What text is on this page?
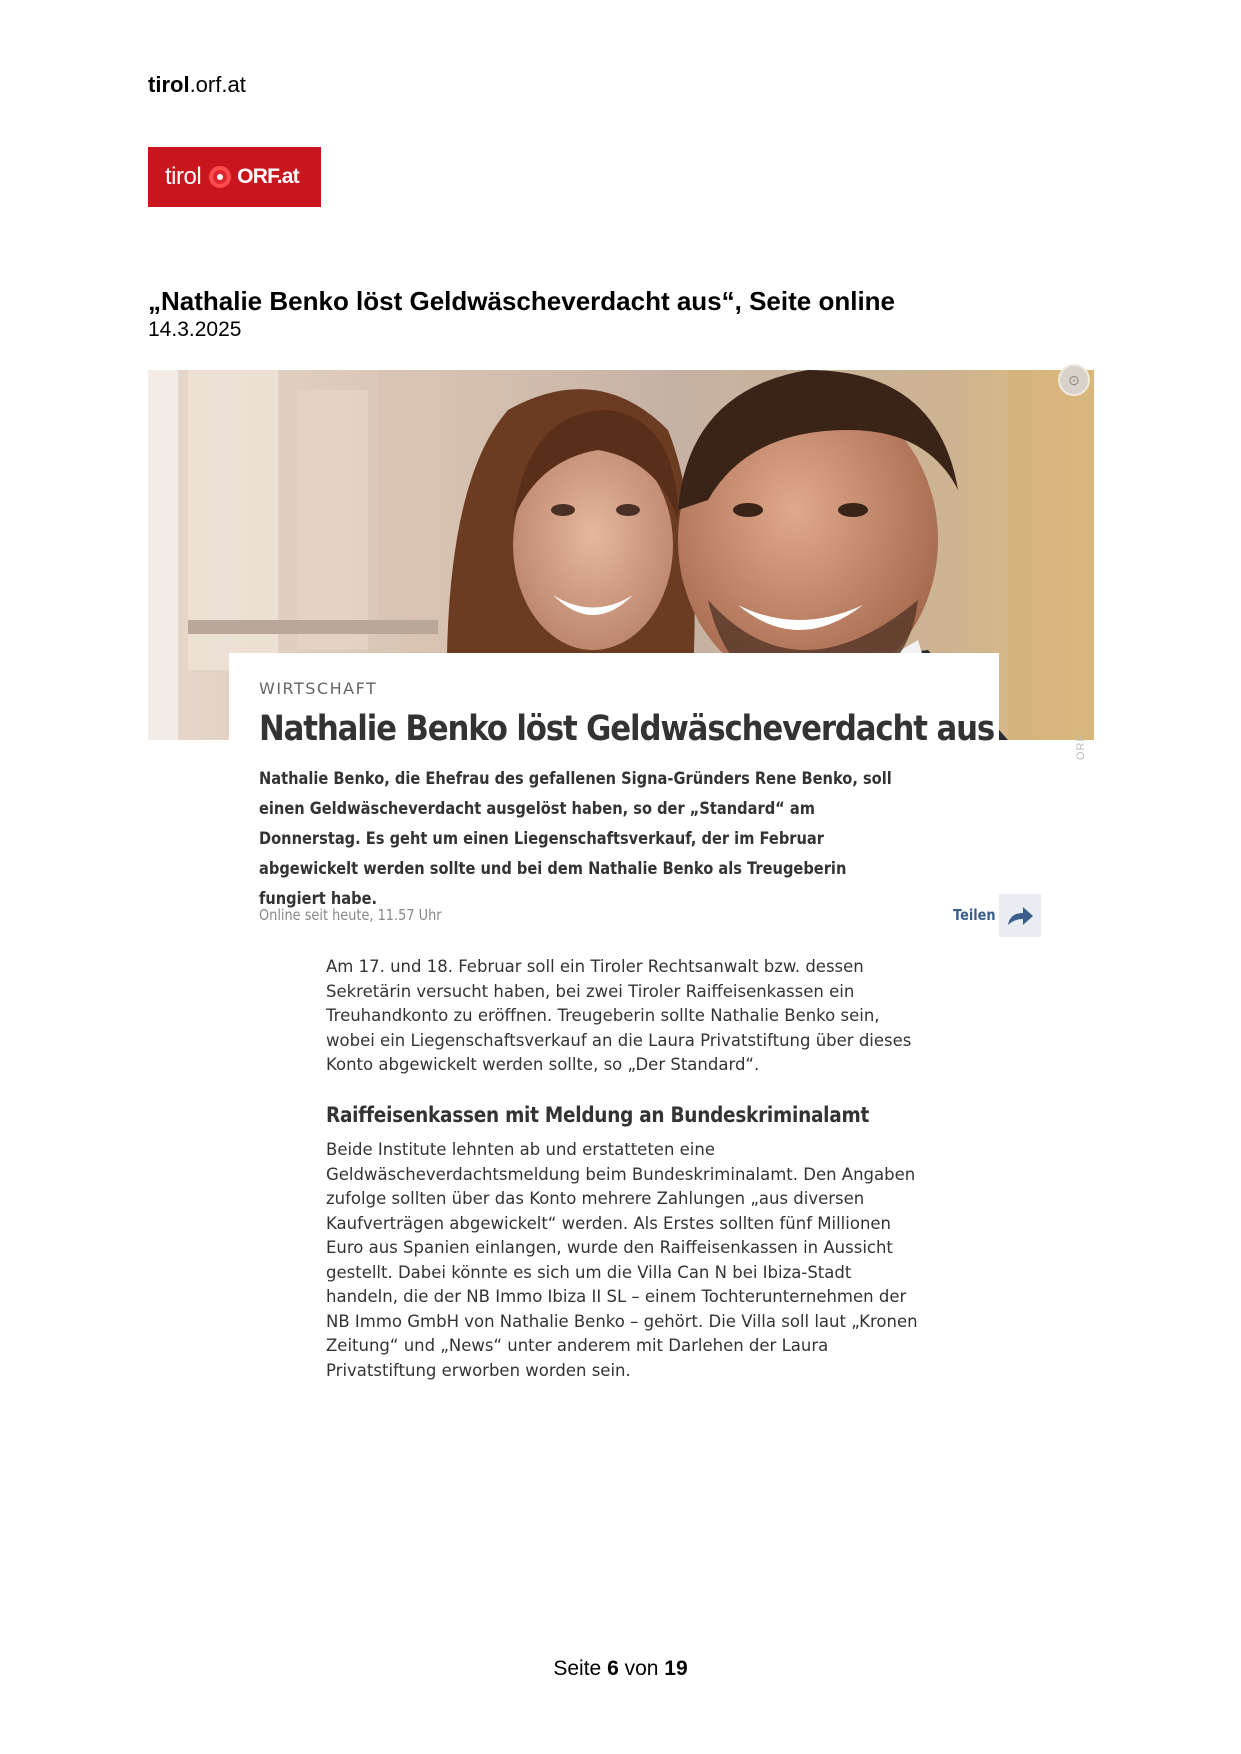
tirol.orf.at
tirol ORF.at
„Nathalie Benko löst Geldwäscheverdacht aus“, Seite online
14.3.2025
⊙
ORF
WIRTSCHAFT
Nathalie Benko löst Geldwäscheverdacht aus
Nathalie Benko, die Ehefrau des gefallenen Signa-Gründers Rene Benko, soll einen Geldwäscheverdacht ausgelöst haben, so der „Standard“ am Donnerstag. Es geht um einen Liegenschaftsverkauf, der im Februar abgewickelt werden sollte und bei dem Nathalie Benko als Treugeberin fungiert habe.
Online seit heute, 11.57 Uhr	Teilen
Am 17. und 18. Februar soll ein Tiroler Rechtsanwalt bzw. dessen Sekretärin versucht haben, bei zwei Tiroler Raiffeisenkassen ein Treuhandkonto zu eröffnen. Treugeberin sollte Nathalie Benko sein, wobei ein Liegenschaftsverkauf an die Laura Privatstiftung über dieses Konto abgewickelt werden sollte, so „Der Standard“.
Raiffeisenkassen mit Meldung an Bundeskriminalamt
Beide Institute lehnten ab und erstatteten eine Geldwäscheverdachtsmeldung beim Bundeskriminalamt. Den Angaben zufolge sollten über das Konto mehrere Zahlungen „aus diversen Kaufverträgen abgewickelt“ werden. Als Erstes sollten fünf Millionen Euro aus Spanien einlangen, wurde den Raiffeisenkassen in Aussicht gestellt. Dabei könnte es sich um die Villa Can N bei Ibiza-Stadt handeln, die der NB Immo Ibiza II SL – einem Tochterunternehmen der NB Immo GmbH von Nathalie Benko – gehört. Die Villa soll laut „Kronen Zeitung“ und „News“ unter anderem mit Darlehen der Laura Privatstiftung erworben worden sein.
Seite 6 von 19
